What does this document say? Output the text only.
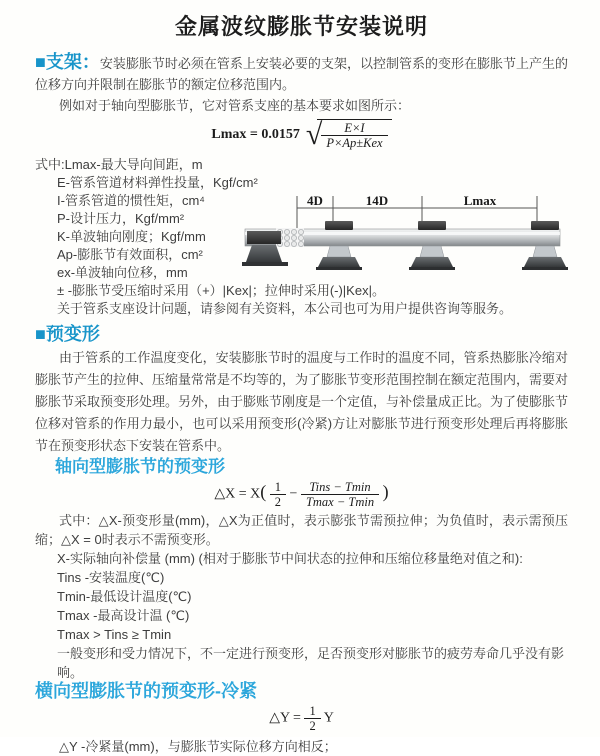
金属波纹膨胀节安装说明

■支架：安装膨胀节时必须在管系上安装必要的支架，以控制管系的变形在膨胀节上产生的位移方向并限制在膨胀节的额定位移范围内。

例如对于轴向型膨胀节，它对管系支座的基本要求如图所示：

Lmax = 0.0157 √ $\frac{E\times I}{\text{P×Ap±Kex}}$
式中:Lmax-最大导向间距，m
E-管系管道材料弹性投量，Kgf/cm²
I-管系管道的惯性矩，cm⁴
P-设计压力，Kgf/mm²
K-单波轴向刚度；Kgf/mm
Ap-膨胀节有效面积，cm²
ex-单波轴向位移，mm
± -膨胀节受压缩时采用（+）|Kex|；拉伸时采用(-)|Kex|。
关于管系支座设计问题，请参阅有关资料，本公司也可为用户提供咨询等服务。
4D	14D	Lmax
■预变形

由于管系的工作温度变化，安装膨胀节时的温度与工作时的温度不同，管系热膨胀冷缩对膨胀节产生的拉伸、压缩量常常是不均等的，为了膨胀节变形范围控制在额定范围内，需要对膨胀节采取预变形处理。另外，由于膨账节刚度是一个定值，与补偿量成正比。为了使膨胀节位移对管系的作用力最小，也可以采用预变形(冷紧)方让对膨胀节进行预变形处理后再将膨胀节在预变形状态下安装在管系中。

轴向型膨胀节的预变形
△X = $X( \frac{1}{2} - \frac{\text{Tins − Tmin}}{Tmax - Tmin}$ )

式中：△X-预变形量(mm)，△X为正值时，表示膨张节需预拉伸；为负值时，表示需预压缩；△X = 0时表示不需预变形。

X-实际轴向补偿量 (mm) (相对于膨胀节中间状态的拉伸和压缩位移量绝对值之和):
Tins -安装温度(℃)
Tmin-最低设计温度(℃)
Tmax -最高设计温 (℃)
Tmax > Tins ≥ Tmin
一般变形和受力情况下，不一定进行预变形，足否预变形对膨胀节的疲劳寿命几乎没有影响。
横向型膨胀节的预变形-冷紧
△Y = $\frac{1}{2}$ Y

△Y -冷紧量(mm)，与膨胀节实际位移方向相反；
